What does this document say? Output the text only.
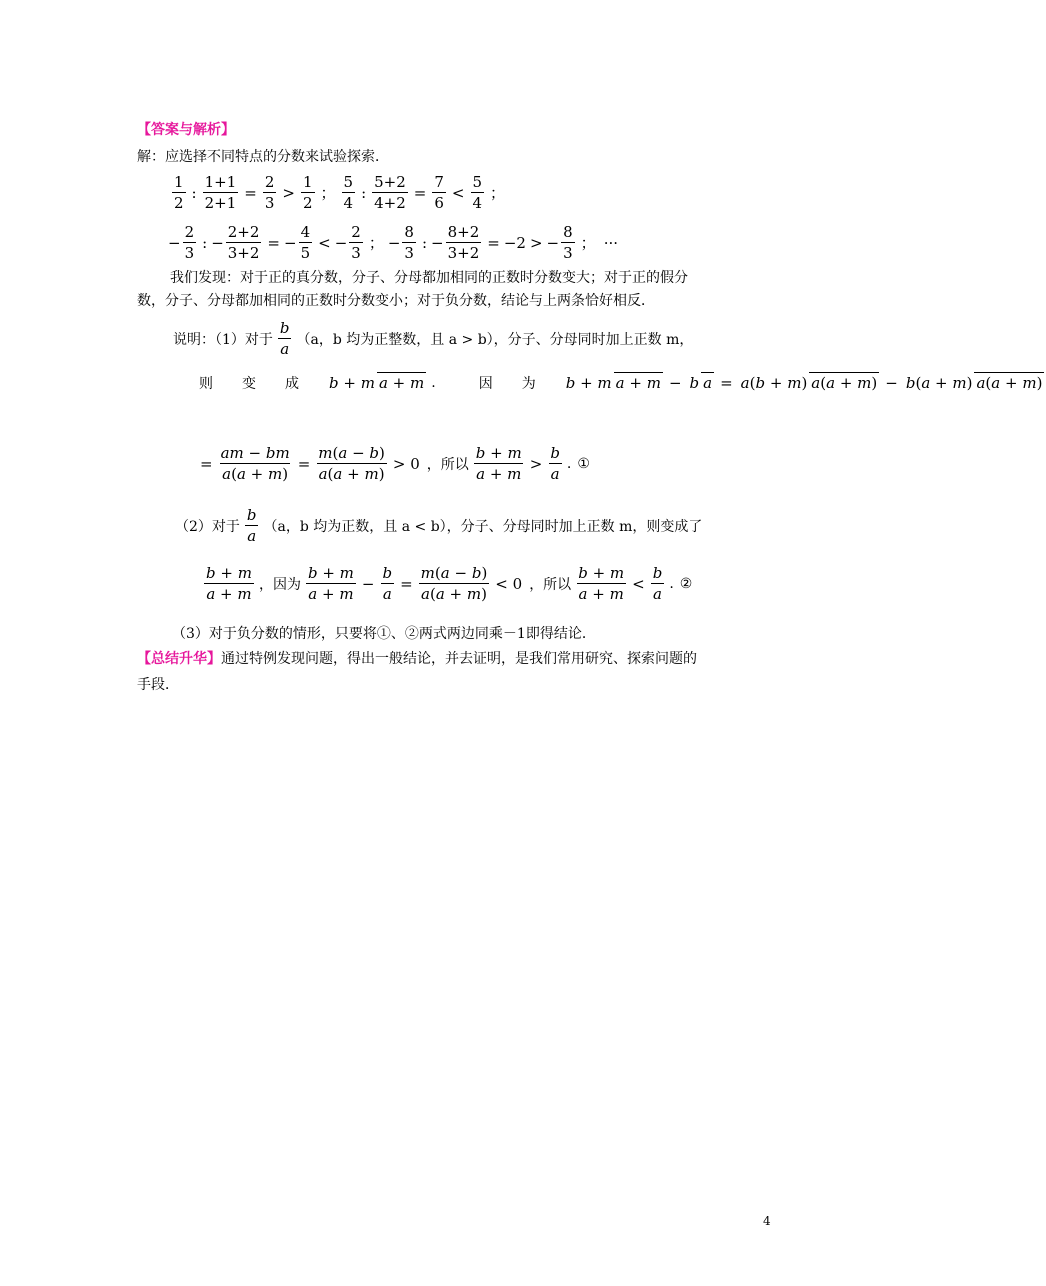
【答案与解析】
解：应选择不同特点的分数来试验探索．
$\frac{1}{2}$ : $\frac{1+1}{2+1} = \frac{2}{3} > \frac{1}{2}$ ； $\frac{5}{4}$ : $\frac{5+2}{4+2} = \frac{7}{6} < \frac{5}{4}$ ；
− $\frac{2}{3}$ : − $\frac{2+2}{3+2}$ = − $\frac{4}{5}$ < − $\frac{2}{3}$ ； − $\frac{8}{3}$ : − $\frac{8+2}{3+2} = -2$ > − $\frac{8}{3}$ ； ···
我们发现：对于正的真分数，分子、分母都加相同的正数时分数变大；对于正的假分
数，分子、分母都加相同的正数时分数变小；对于负分数，结论与上两条恰好相反．
说明：（1）对于 $\frac{b}{a} (a$，b 均为正整数，且 a > b），分子、分母同时加上正数 m，
则 变 成 b + m a + m .	因 为 b + m a + m − b a = a(b + m) a(a + m) − b(a + m) a(a + m)
= $\frac{am - bm}{a(a + m)} = \frac{m(a - b)}{a(a + m)} > 0$ ，所以 $\frac{b + m}{a + m} > \frac{b}{a}$ . ①
（2）对于 $\frac{b}{a} (a$，b 均为正数，且 a < b），分子、分母同时加上正数 m，则变成了
$\frac{b + m}{a + m}$ ，因为 $\frac{b + m}{a + m} - \frac{b}{a} = \frac{m(a - b)}{a(a + m)} < 0$ ，所以 $\frac{b + m}{a + m} < \frac{b}{a}$ . ②
（3）对于负分数的情形，只要将①、②两式两边同乘－1即得结论．
【总结升华】通过特例发现问题，得出一般结论，并去证明，是我们常用研究、探索问题的
手段．
4
